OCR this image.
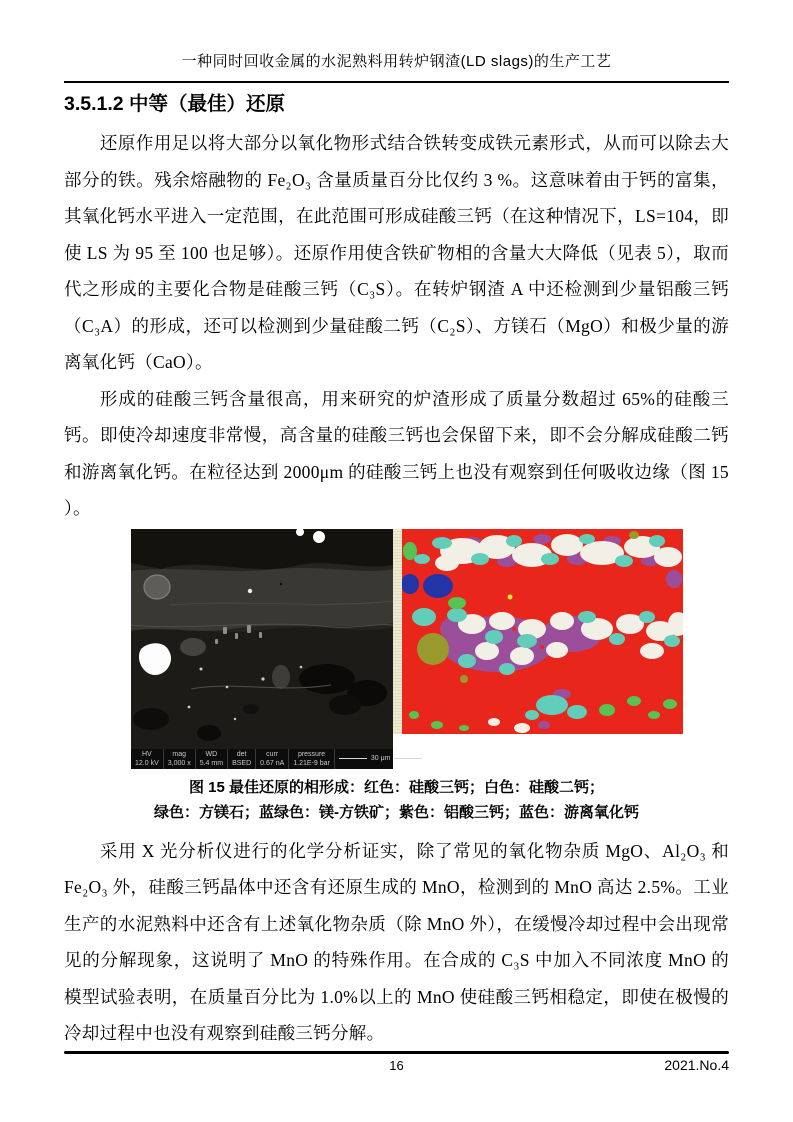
一种同时回收金属的水泥熟料用转炉钢渣(LD slags)的生产工艺
3.5.1.2 中等（最佳）还原

还原作用足以将大部分以氧化物形式结合铁转变成铁元素形式，从而可以除去大部分的铁。残余熔融物的 Fe₂O₃ 含量质量百分比仅约 3 %。这意味着由于钙的富集，其氧化钙水平进入一定范围，在此范围可形成硅酸三钙（在这种情况下，LS=104，即使 LS 为 95 至 100 也足够）。还原作用使含铁矿物相的含量大大降低（见表 5），取而代之形成的主要化合物是硅酸三钙（C₃S）。在转炉钢渣 A 中还检测到少量铝酸三钙（C₃A）的形成，还可以检测到少量硅酸二钙（C₂S）、方镁石（MgO）和极少量的游离氧化钙（CaO）。

形成的硅酸三钙含量很高，用来研究的炉渣形成了质量分数超过 65%的硅酸三钙。即使冷却速度非常慢，高含量的硅酸三钙也会保留下来，即不会分解成硅酸二钙和游离氧化钙。在粒径达到 2000μm 的硅酸三钙上也没有观察到任何吸收边缘（图 15 ）。

HV
12.0 kV
mag
3,000 x
WD
5.4 mm
det
BSED
curr
0.67 nA
pressure
1.21E-9 bar
30 μm
图 15 最佳还原的相形成：红色：硅酸三钙；白色：硅酸二钙；
绿色：方镁石；蓝绿色：镁-方铁矿；紫色：铝酸三钙；蓝色：游离氧化钙

采用 X 光分析仪进行的化学分析证实，除了常见的氧化物杂质 MgO、Al₂O₃ 和 Fe₂O₃ 外，硅酸三钙晶体中还含有还原生成的 MnO，检测到的 MnO 高达 2.5%。工业生产的水泥熟料中还含有上述氧化物杂质（除 MnO 外），在缓慢冷却过程中会出现常见的分解现象，这说明了 MnO 的特殊作用。在合成的 C₃S 中加入不同浓度 MnO 的模型试验表明，在质量百分比为 1.0%以上的 MnO 使硅酸三钙相稳定，即使在极慢的冷却过程中也没有观察到硅酸三钙分解。

16	2021.No.4
